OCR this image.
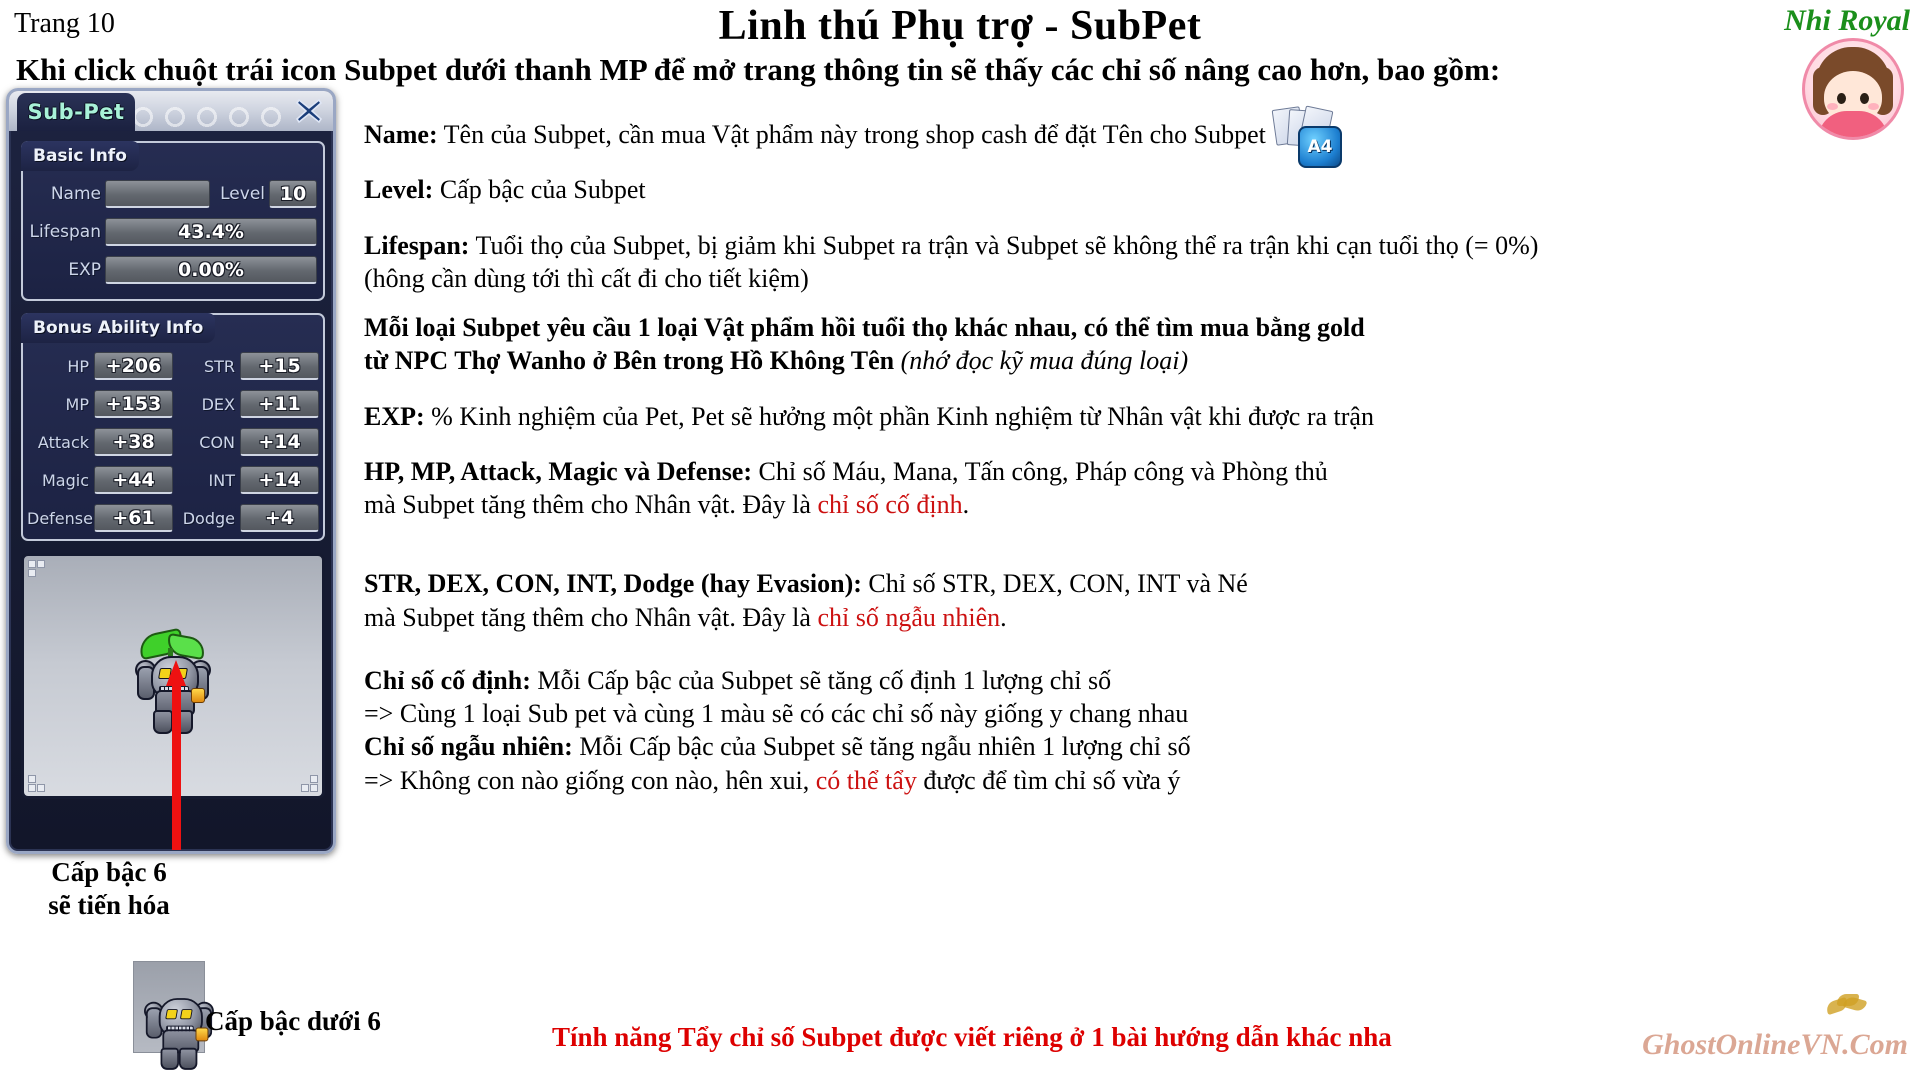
Trang 10	Linh thú Phụ trợ - SubPet
Khi click chuột trái icon Subpet dưới thanh MP để mở trang thông tin sẽ thấy các chỉ số nâng cao hơn, bao gồm:
Nhi Royal
Sub-Pet
Basic Info
Name	Level 10
Lifespan	43.4%
EXP	0.00%
Bonus Ability Info
HP +206	STR	+15
MP +153	DEX	+11
Attack	+38	CON	+14
Magic	+44	INT	+14
Defense	+61	Dodge	+4
Cấp bậc 6
sẽ tiến hóa
Cấp bậc dưới 6
A4

Name: Tên của Subpet, cần mua Vật phẩm này trong shop cash để đặt Tên cho Subpet

Level: Cấp bậc của Subpet

Lifespan: Tuổi thọ của Subpet, bị giảm khi Subpet ra trận và Subpet sẽ không thể ra trận khi cạn tuổi thọ (= 0%)
(hông cần dùng tới thì cất đi cho tiết kiệm)

Mỗi loại Subpet yêu cầu 1 loại Vật phẩm hồi tuổi thọ khác nhau, có thể tìm mua bằng gold
từ NPC Thợ Wanho ở Bên trong Hồ Không Tên (nhớ đọc kỹ mua đúng loại)

EXP: % Kinh nghiệm của Pet, Pet sẽ hưởng một phần Kinh nghiệm từ Nhân vật khi được ra trận

HP, MP, Attack, Magic và Defense: Chỉ số Máu, Mana, Tấn công, Pháp công và Phòng thủ
mà Subpet tăng thêm cho Nhân vật. Đây là chỉ số cố định.

STR, DEX, CON, INT, Dodge (hay Evasion): Chỉ số STR, DEX, CON, INT và Né
mà Subpet tăng thêm cho Nhân vật. Đây là chỉ số ngẫu nhiên.

Chỉ số cố định: Mỗi Cấp bậc của Subpet sẽ tăng cố định 1 lượng chỉ số
=> Cùng 1 loại Sub pet và cùng 1 màu sẽ có các chỉ số này giống y chang nhau
Chỉ số ngẫu nhiên: Mỗi Cấp bậc của Subpet sẽ tăng ngẫu nhiên 1 lượng chỉ số
=> Không con nào giống con nào, hên xui, có thể tẩy được để tìm chỉ số vừa ý

Tính năng Tẩy chỉ số Subpet được viết riêng ở 1 bài hướng dẫn khác nha	GhostOnlineVN.Com
